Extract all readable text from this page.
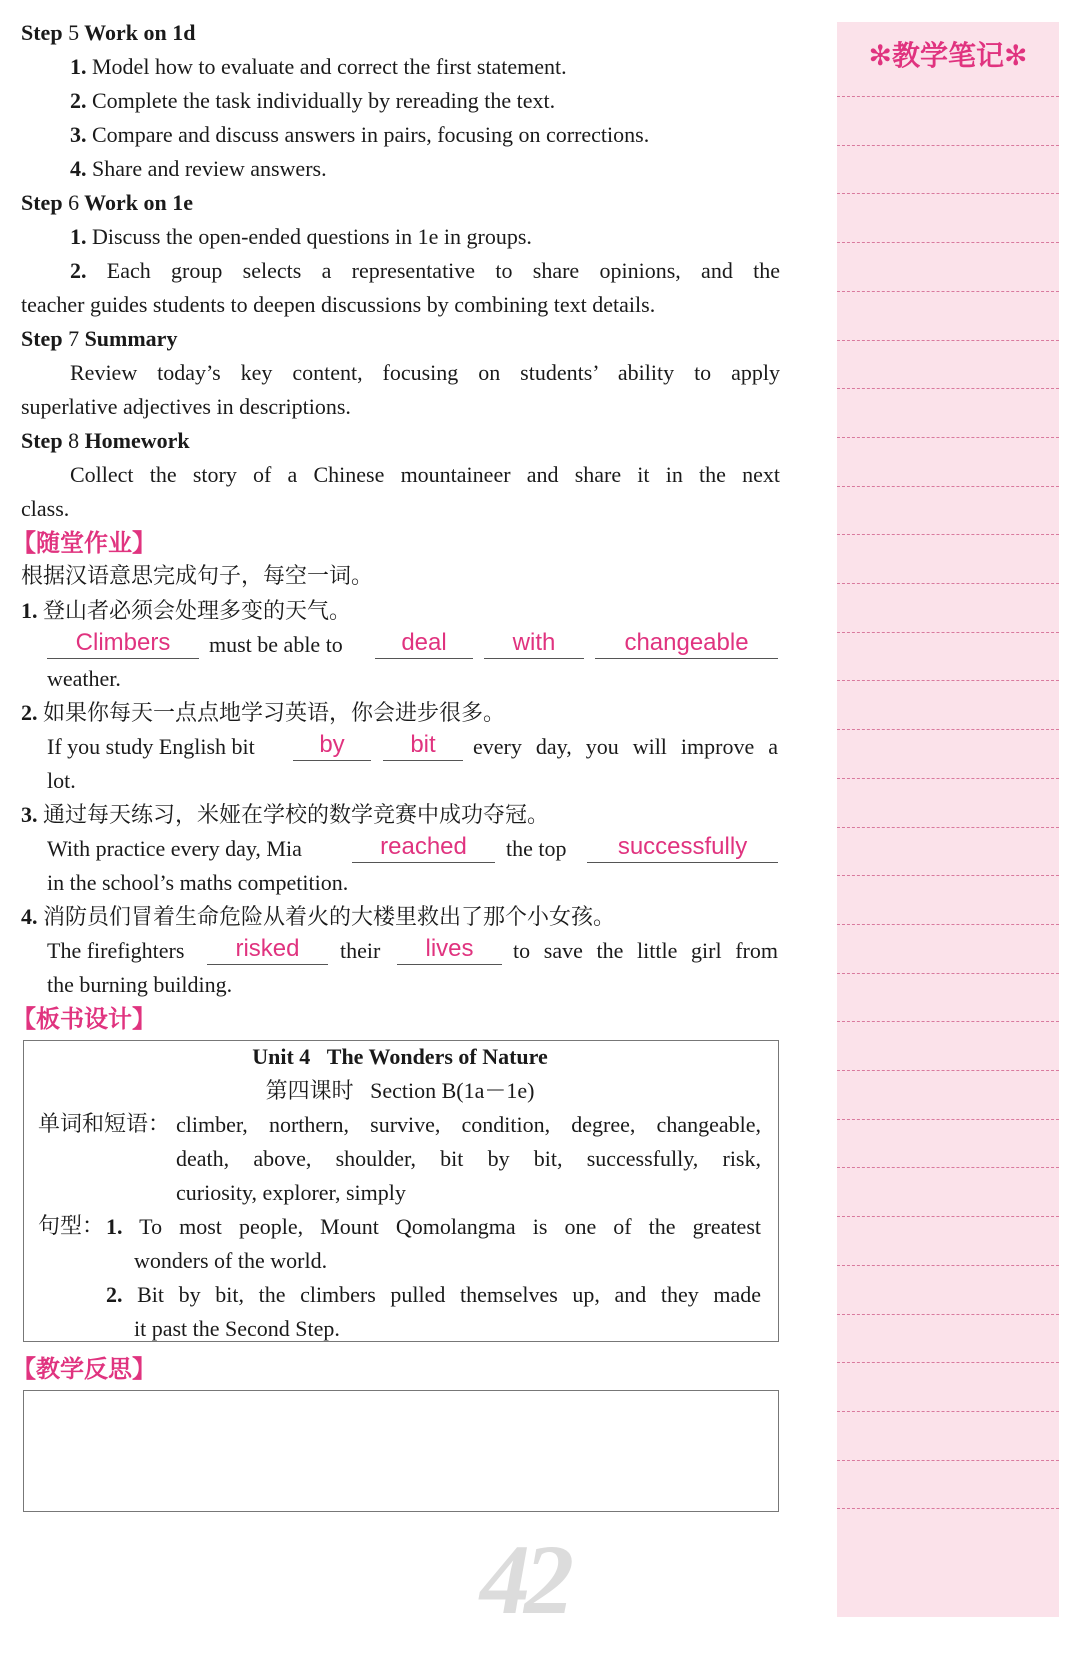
Step 5 Work on 1d
1. Model how to evaluate and correct the first statement.
2. Complete the task individually by rereading the text.
3. Compare and discuss answers in pairs, focusing on corrections.
4. Share and review answers.
Step 6 Work on 1e
1. Discuss the open-ended questions in 1e in groups.
2. Each group selects a representative to share opinions, and the
teacher guides students to deepen discussions by combining text details.
Step 7 Summary
Review today’s key content, focusing on students’ ability to apply
superlative adjectives in descriptions.
Step 8 Homework
Collect the story of a Chinese mountaineer and share it in the next
class.
【随堂作业】
根据汉语意思完成句子，每空一词。
1. 登山者必须会处理多变的天气。
Climbers	must be able to	deal	with	changeable
weather.
2. 如果你每天一点点地学习英语，你会进步很多。
If you study English bit	by	bit	every day, you will improve a
lot.
3. 通过每天练习，米娅在学校的数学竞赛中成功夺冠。
With practice every day, Mia	reached	the top	successfully
in the school’s maths competition.
4. 消防员们冒着生命危险从着火的大楼里救出了那个小女孩。
The firefighters	risked	their	lives	to save the little girl from
the burning building.
【板书设计】
Unit 4 The Wonders of Nature
第四课时 Section B(1a－1e)
单词和短语： climber, northern, survive, condition, degree, changeable,
death, above, shoulder, bit by bit, successfully, risk,
curiosity, explorer, simply
句型： 1. To most people, Mount Qomolangma is one of the greatest
wonders of the world.
2. Bit by bit, the climbers pulled themselves up, and they made
it past the Second Step.
【教学反思】
42
✻教学笔记✻
